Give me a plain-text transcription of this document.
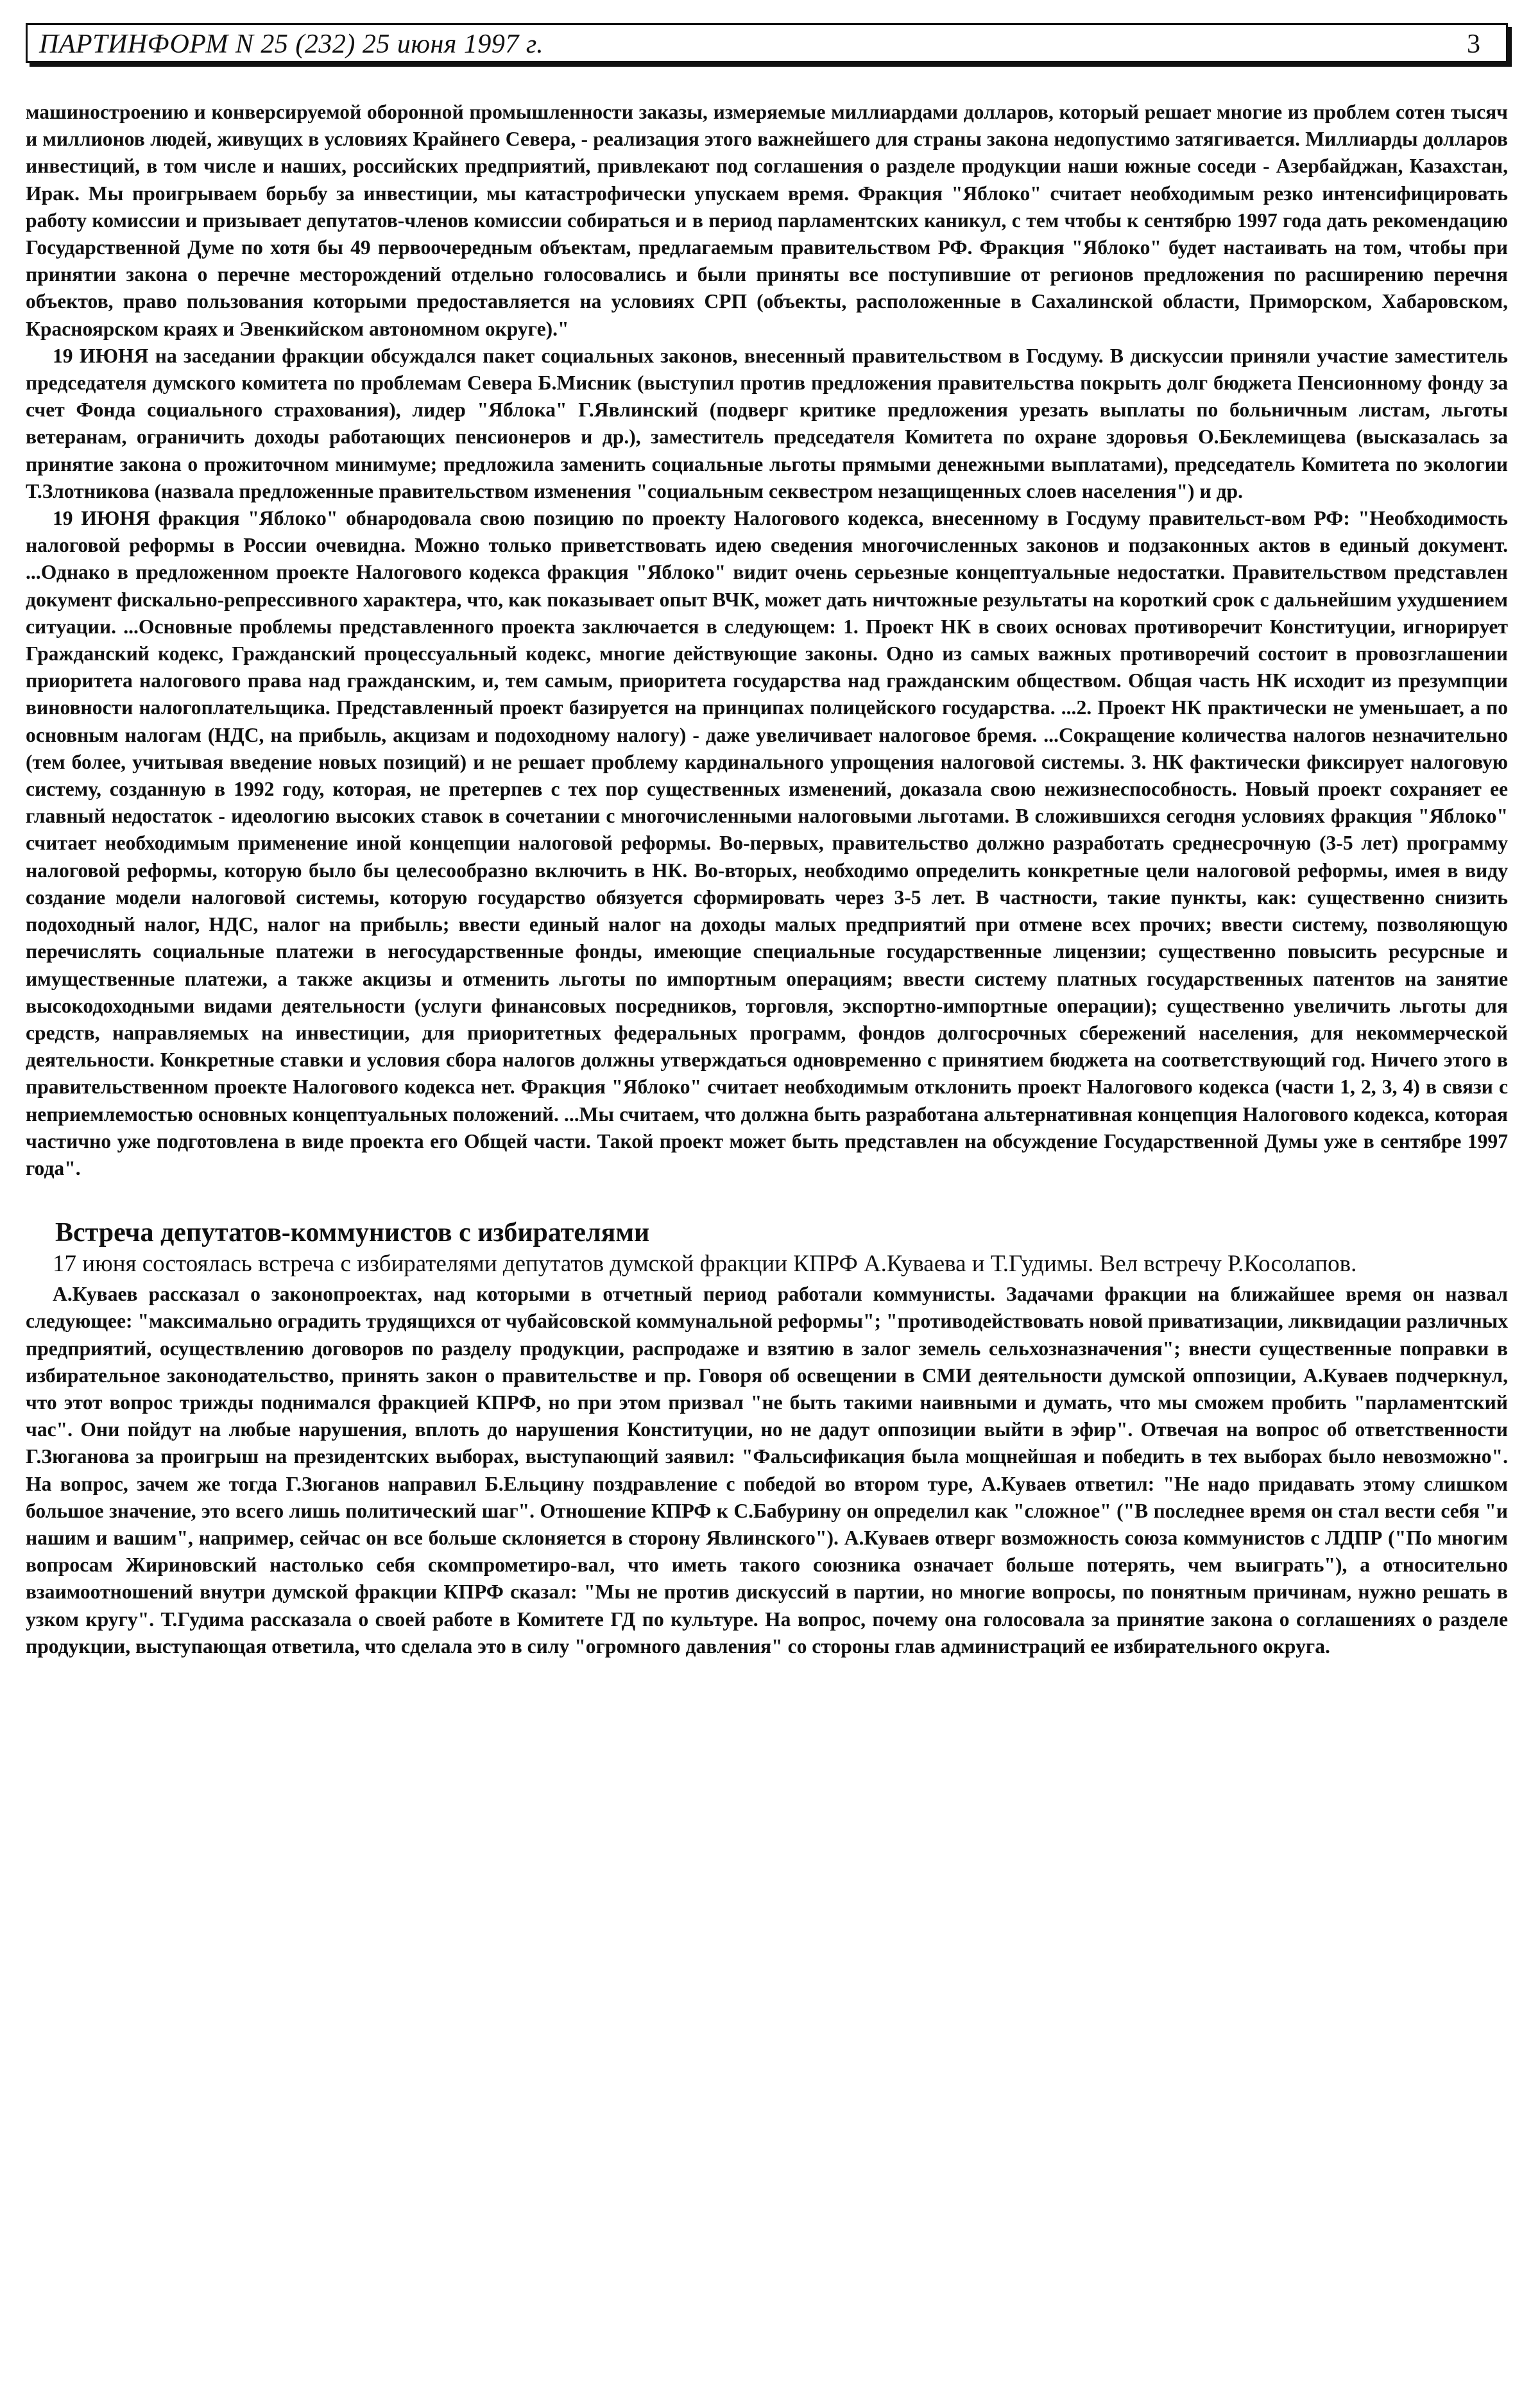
ПАРТИНФОРМ N 25 (232) 25 июня 1997 г.	3

машиностроению и конверсируемой оборонной промышленности заказы, измеряемые миллиардами долларов, который решает многие из проблем сотен тысяч и миллионов людей, живущих в условиях Крайнего Севера, - реализация этого важнейшего для страны закона недопустимо затягивается. Миллиарды долларов инвестиций, в том числе и наших, российских предприятий, привлекают под соглашения о разделе продукции наши южные соседи - Азербайджан, Казахстан, Ирак. Мы проигрываем борьбу за инвестиции, мы катастрофически упускаем время. Фракция "Яблоко" считает необходимым резко интенсифицировать работу комиссии и призывает депутатов-членов комиссии собираться и в период парламентских каникул, с тем чтобы к сентябрю 1997 года дать рекомендацию Государственной Думе по хотя бы 49 первоочередным объектам, предлагаемым правительством РФ. Фракция "Яблоко" будет настаивать на том, чтобы при принятии закона о перечне месторождений отдельно голосовались и были приняты все поступившие от регионов предложения по расширению перечня объектов, право пользования которыми предоставляется на условиях СРП (объекты, расположенные в Сахалинской области, Приморском, Хабаровском, Красноярском краях и Эвенкийском автономном округе)."

19 ИЮНЯ на заседании фракции обсуждался пакет социальных законов, внесенный правительством в Госдуму. В дискуссии приняли участие заместитель председателя думского комитета по проблемам Севера Б.Мисник (выступил против предложения правительства покрыть долг бюджета Пенсионному фонду за счет Фонда социального страхования), лидер "Яблока" Г.Явлинский (подверг критике предложения урезать выплаты по больничным листам, льготы ветеранам, ограничить доходы работающих пенсионеров и др.), заместитель председателя Комитета по охране здоровья О.Беклемищева (высказалась за принятие закона о прожиточном минимуме; предложила заменить социальные льготы прямыми денежными выплатами), председатель Комитета по экологии Т.Злотникова (назвала предложенные правительством изменения "социальным секвестром незащищенных слоев населения") и др.

19 ИЮНЯ фракция "Яблоко" обнародовала свою позицию по проекту Налогового кодекса, внесенному в Госдуму правительст-вом РФ: "Необходимость налоговой реформы в России очевидна. Можно только приветствовать идею сведения многочисленных законов и подзаконных актов в единый документ. ...Однако в предложенном проекте Налогового кодекса фракция "Яблоко" видит очень серьезные концептуальные недостатки. Правительством представлен документ фискально-репрессивного характера, что, как показывает опыт ВЧК, может дать ничтожные результаты на короткий срок с дальнейшим ухудшением ситуации. ...Основные проблемы представленного проекта заключается в следующем: 1. Проект НК в своих основах противоречит Конституции, игнорирует Гражданский кодекс, Гражданский процессуальный кодекс, многие действующие законы. Одно из самых важных противоречий состоит в провозглашении приоритета налогового права над гражданским, и, тем самым, приоритета государства над гражданским обществом. Общая часть НК исходит из презумпции виновности налогоплательщика. Представленный проект базируется на принципах полицейского государства. ...2. Проект НК практически не уменьшает, а по основным налогам (НДС, на прибыль, акцизам и подоходному налогу) - даже увеличивает налоговое бремя. ...Сокращение количества налогов незначительно (тем более, учитывая введение новых позиций) и не решает проблему кардинального упрощения налоговой системы. 3. НК фактически фиксирует налоговую систему, созданную в 1992 году, которая, не претерпев с тех пор существенных изменений, доказала свою нежизнеспособность. Новый проект сохраняет ее главный недостаток - идеологию высоких ставок в сочетании с многочисленными налоговыми льготами. В сложившихся сегодня условиях фракция "Яблоко" считает необходимым применение иной концепции налоговой реформы. Во-первых, правительство должно разработать среднесрочную (3-5 лет) программу налоговой реформы, которую было бы целесообразно включить в НК. Во-вторых, необходимо определить конкретные цели налоговой реформы, имея в виду создание модели налоговой системы, которую государство обязуется сформировать через 3-5 лет. В частности, такие пункты, как: существенно снизить подоходный налог, НДС, налог на прибыль; ввести единый налог на доходы малых предприятий при отмене всех прочих; ввести систему, позволяющую перечислять социальные платежи в негосударственные фонды, имеющие специальные государственные лицензии; существенно повысить ресурсные и имущественные платежи, а также акцизы и отменить льготы по импортным операциям; ввести систему платных государственных патентов на занятие высокодоходными видами деятельности (услуги финансовых посредников, торговля, экспортно-импортные операции); существенно увеличить льготы для средств, направляемых на инвестиции, для приоритетных федеральных программ, фондов долгосрочных сбережений населения, для некоммерческой деятельности. Конкретные ставки и условия сбора налогов должны утверждаться одновременно с принятием бюджета на соответствующий год. Ничего этого в правительственном проекте Налогового кодекса нет. Фракция "Яблоко" считает необходимым отклонить проект Налогового кодекса (части 1, 2, 3, 4) в связи с неприемлемостью основных концептуальных положений. ...Мы считаем, что должна быть разработана альтернативная концепция Налогового кодекса, которая частично уже подготовлена в виде проекта его Общей части. Такой проект может быть представлен на обсуждение Государственной Думы уже в сентябре 1997 года".

Встреча депутатов-коммунистов с избирателями

17 июня состоялась встреча с избирателями депутатов думской фракции КПРФ А.Куваева и Т.Гудимы. Вел встречу Р.Косолапов.

А.Куваев рассказал о законопроектах, над которыми в отчетный период работали коммунисты. Задачами фракции на ближайшее время он назвал следующее: "максимально оградить трудящихся от чубайсовской коммунальной реформы"; "противодействовать новой приватизации, ликвидации различных предприятий, осуществлению договоров по разделу продукции, распродаже и взятию в залог земель сельхозназначения"; внести существенные поправки в избирательное законодательство, принять закон о правительстве и пр. Говоря об освещении в СМИ деятельности думской оппозиции, А.Куваев подчеркнул, что этот вопрос трижды поднимался фракцией КПРФ, но при этом призвал "не быть такими наивными и думать, что мы сможем пробить "парламентский час". Они пойдут на любые нарушения, вплоть до нарушения Конституции, но не дадут оппозиции выйти в эфир". Отвечая на вопрос об ответственности Г.Зюганова за проигрыш на президентских выборах, выступающий заявил: "Фальсификация была мощнейшая и победить в тех выборах было невозможно". На вопрос, зачем же тогда Г.Зюганов направил Б.Ельцину поздравление с победой во втором туре, А.Куваев ответил: "Не надо придавать этому слишком большое значение, это всего лишь политический шаг". Отношение КПРФ к С.Бабурину он определил как "сложное" ("В последнее время он стал вести себя "и нашим и вашим", например, сейчас он все больше склоняется в сторону Явлинского"). А.Куваев отверг возможность союза коммунистов с ЛДПР ("По многим вопросам Жириновский настолько себя скомпрометиро-вал, что иметь такого союзника означает больше потерять, чем выиграть"), а относительно взаимоотношений внутри думской фракции КПРФ сказал: "Мы не против дискуссий в партии, но многие вопросы, по понятным причинам, нужно решать в узком кругу". Т.Гудима рассказала о своей работе в Комитете ГД по культуре. На вопрос, почему она голосовала за принятие закона о соглашениях о разделе продукции, выступающая ответила, что сделала это в силу "огромного давления" со стороны глав администраций ее избирательного округа.
